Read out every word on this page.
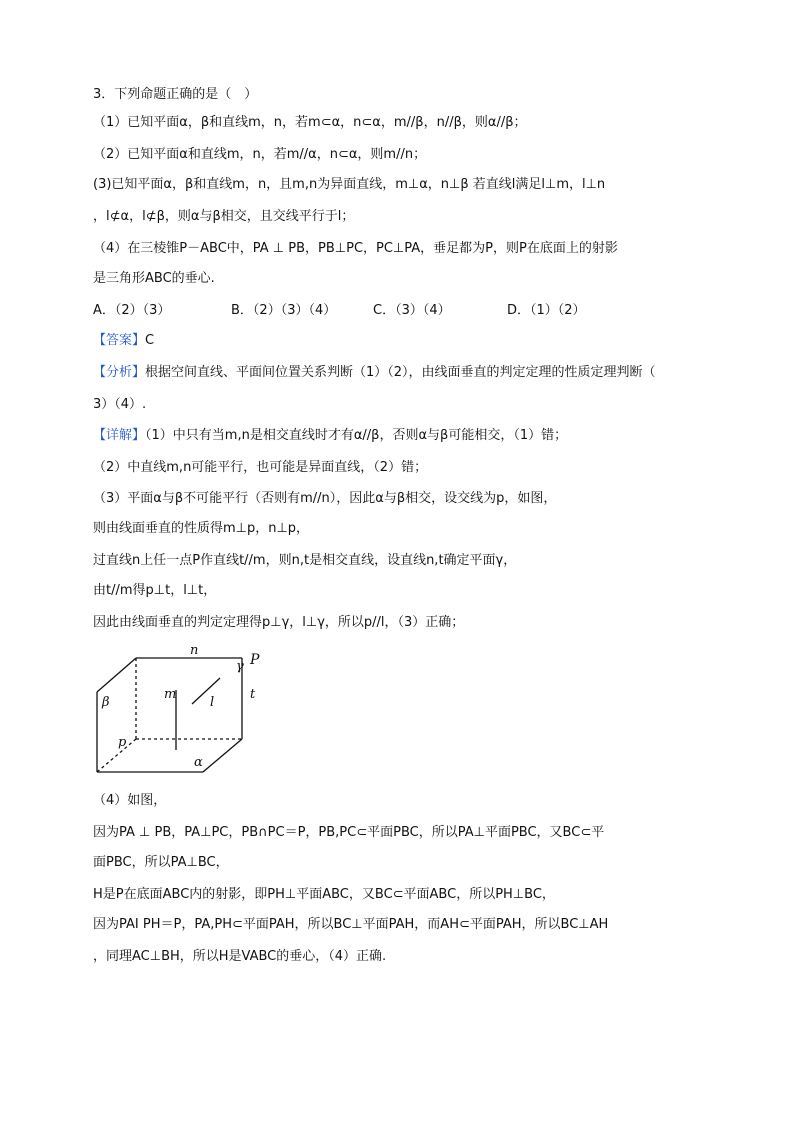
3．下列命题正确的是（　）
（1）已知平面α，β和直线m，n，若m⊂α，n⊂α，m//β，n//β，则α//β；
（2）已知平面α和直线m，n，若m//α，n⊂α，则m//n；
(3)已知平面α，β和直线m，n，且m,n为异面直线，m⊥α，n⊥β 若直线l满足l⊥m，l⊥n
，l⊄α，l⊄β，则α与β相交，且交线平行于l；
（4）在三棱锥P－ABC中，PA ⊥ PB，PB⊥PC，PC⊥PA，垂足都为P，则P在底面上的射影
是三角形ABC的垂心.
A．（2）（3）	B．（2）（3）（4）	C．（3）（4）	D．（1）（2）
【答案】C
【分析】根据空间直线、平面间位置关系判断（1）（2），由线面垂直的判定定理的性质定理判断（
3）（4）.
【详解】（1）中只有当m,n是相交直线时才有α//β，否则α与β可能相交，（1）错；
（2）中直线m,n可能平行，也可能是异面直线，（2）错；
（3）平面α与β不可能平行（否则有m//n），因此α与β相交，设交线为p，如图，
则由线面垂直的性质得m⊥p，n⊥p，
过直线n上任一点P作直线t//m，则n,t是相交直线，设直线n,t确定平面γ，
由t//m得p⊥t，l⊥t，
因此由线面垂直的判定定理得p⊥γ，l⊥γ，所以p//l，（3）正确；
n
γ P
t
m
l
β
p
α
（4）如图，
因为PA ⊥ PB，PA⊥PC，PB∩PC＝P，PB,PC⊂平面PBC，所以PA⊥平面PBC，又BC⊂平
面PBC，所以PA⊥BC，
H是P在底面ABC内的射影，即PH⊥平面ABC，又BC⊂平面ABC，所以PH⊥BC，
因为PAI PH＝P，PA,PH⊂平面PAH，所以BC⊥平面PAH，而AH⊂平面PAH，所以BC⊥AH
，同理AC⊥BH，所以H是VABC的垂心，（4）正确.
